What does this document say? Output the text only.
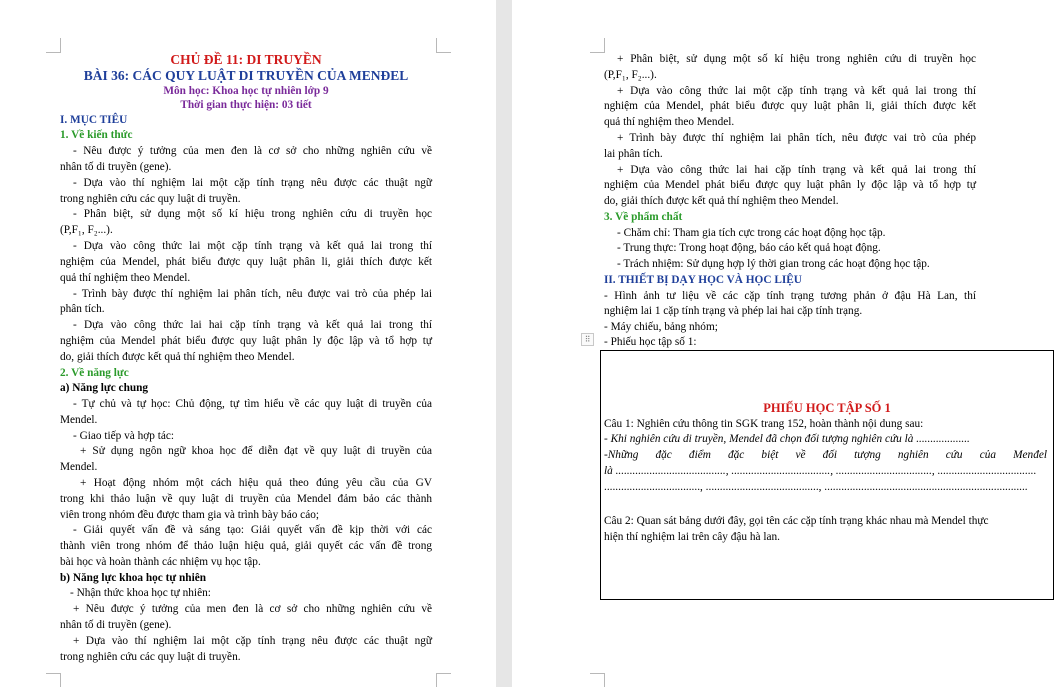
CHỦ ĐỀ 11: DI TRUYỀN
BÀI 36: CÁC QUY LUẬT DI TRUYỀN CỦA MENĐEL
Môn học: Khoa học tự nhiên lớp 9
Thời gian thực hiện: 03 tiết
I. MỤC TIÊU
1. Về kiến thức
- Nêu được ý tưởng của men đen là cơ sở cho những nghiên cứu về
nhân tố di truyền (gene).
- Dựa vào thí nghiệm lai một cặp tính trạng nêu được các thuật ngữ
trong nghiên cứu các quy luật di truyền.
- Phân biệt, sử dụng một số kí hiệu trong nghiên cứu di truyền học
(P,F₁, F₂...).
- Dựa vào công thức lai một cặp tính trạng và kết quả lai trong thí
nghiệm của Mendel, phát biểu được quy luật phân li, giải thích được kết
quả thí nghiệm theo Mendel.
- Trình bày được thí nghiệm lai phân tích, nêu được vai trò của phép lai
phân tích.
- Dựa vào công thức lai hai cặp tính trạng và kết quả lai trong thí
nghiệm của Mendel phát biểu được quy luật phân ly độc lập và tổ hợp tự
do, giải thích được kết quả thí nghiệm theo Mendel.
2. Về năng lực
a) Năng lực chung
- Tự chủ và tự học: Chủ động, tự tìm hiểu về các quy luật di truyền của
Mendel.
- Giao tiếp và hợp tác:
+ Sử dụng ngôn ngữ khoa học để diễn đạt về quy luật di truyền của
Mendel.
+ Hoạt động nhóm một cách hiệu quả theo đúng yêu cầu của GV
trong khi thảo luận về quy luật di truyền của Mendel đảm bảo các thành
viên trong nhóm đều được tham gia và trình bày báo cáo;
- Giải quyết vấn đề và sáng tạo: Giải quyết vấn đề kịp thời với các
thành viên trong nhóm để thảo luận hiệu quả, giải quyết các vấn đề trong
bài học và hoàn thành các nhiệm vụ học tập.
b) Năng lực khoa học tự nhiên
- Nhận thức khoa học tự nhiên:
+ Nêu được ý tưởng của men đen là cơ sở cho những nghiên cứu về
nhân tố di truyền (gene).
+ Dựa vào thí nghiệm lai một cặp tính trạng nêu được các thuật ngữ
trong nghiên cứu các quy luật di truyền.
+ Phân biệt, sử dụng một số kí hiệu trong nghiên cứu di truyền học
(P,F₁, F₂...).
+ Dựa vào công thức lai một cặp tính trạng và kết quả lai trong thí
nghiệm của Mendel, phát biểu được quy luật phân li, giải thích được kết
quả thí nghiệm theo Mendel.
+ Trình bày được thí nghiệm lai phân tích, nêu được vai trò của phép
lai phân tích.
+ Dựa vào công thức lai hai cặp tính trạng và kết quả lai trong thí
nghiệm của Mendel phát biểu được quy luật phân ly độc lập và tổ hợp tự
do, giải thích được kết quả thí nghiệm theo Mendel.
3. Về phẩm chất
- Chăm chỉ: Tham gia tích cực trong các hoạt động học tập.
- Trung thực: Trong hoạt động, báo cáo kết quả hoạt động.
- Trách nhiệm: Sử dụng hợp lý thời gian trong các hoạt động học tập.
II. THIẾT BỊ DẠY HỌC VÀ HỌC LIỆU
- Hình ảnh tư liệu về các cặp tính trạng tương phản ở đậu Hà Lan, thí
nghiệm lai 1 cặp tính trạng và phép lai hai cặp tính trạng.
- Máy chiếu, bảng nhóm;
- Phiếu học tập số 1:
PHIẾU HỌC TẬP SỐ 1
Câu 1: Nghiên cứu thông tin SGK trang 152, hoàn thành nội dung sau:
- Khi nghiên cứu di truyền, Mendel đã chọn đối tượng nghiên cứu là ...................
-Những đặc điểm đặc biệt về đối tượng nghiên cứu của Menđel
là ......................................., ..................................., .................................., ...................................
.................................., ........................................, ........................................................................
Câu 2: Quan sát bảng dưới đây, gọi tên các cặp tính trạng khác nhau mà Mendel thực
hiện thí nghiệm lai trên cây đậu hà lan.
⠿
